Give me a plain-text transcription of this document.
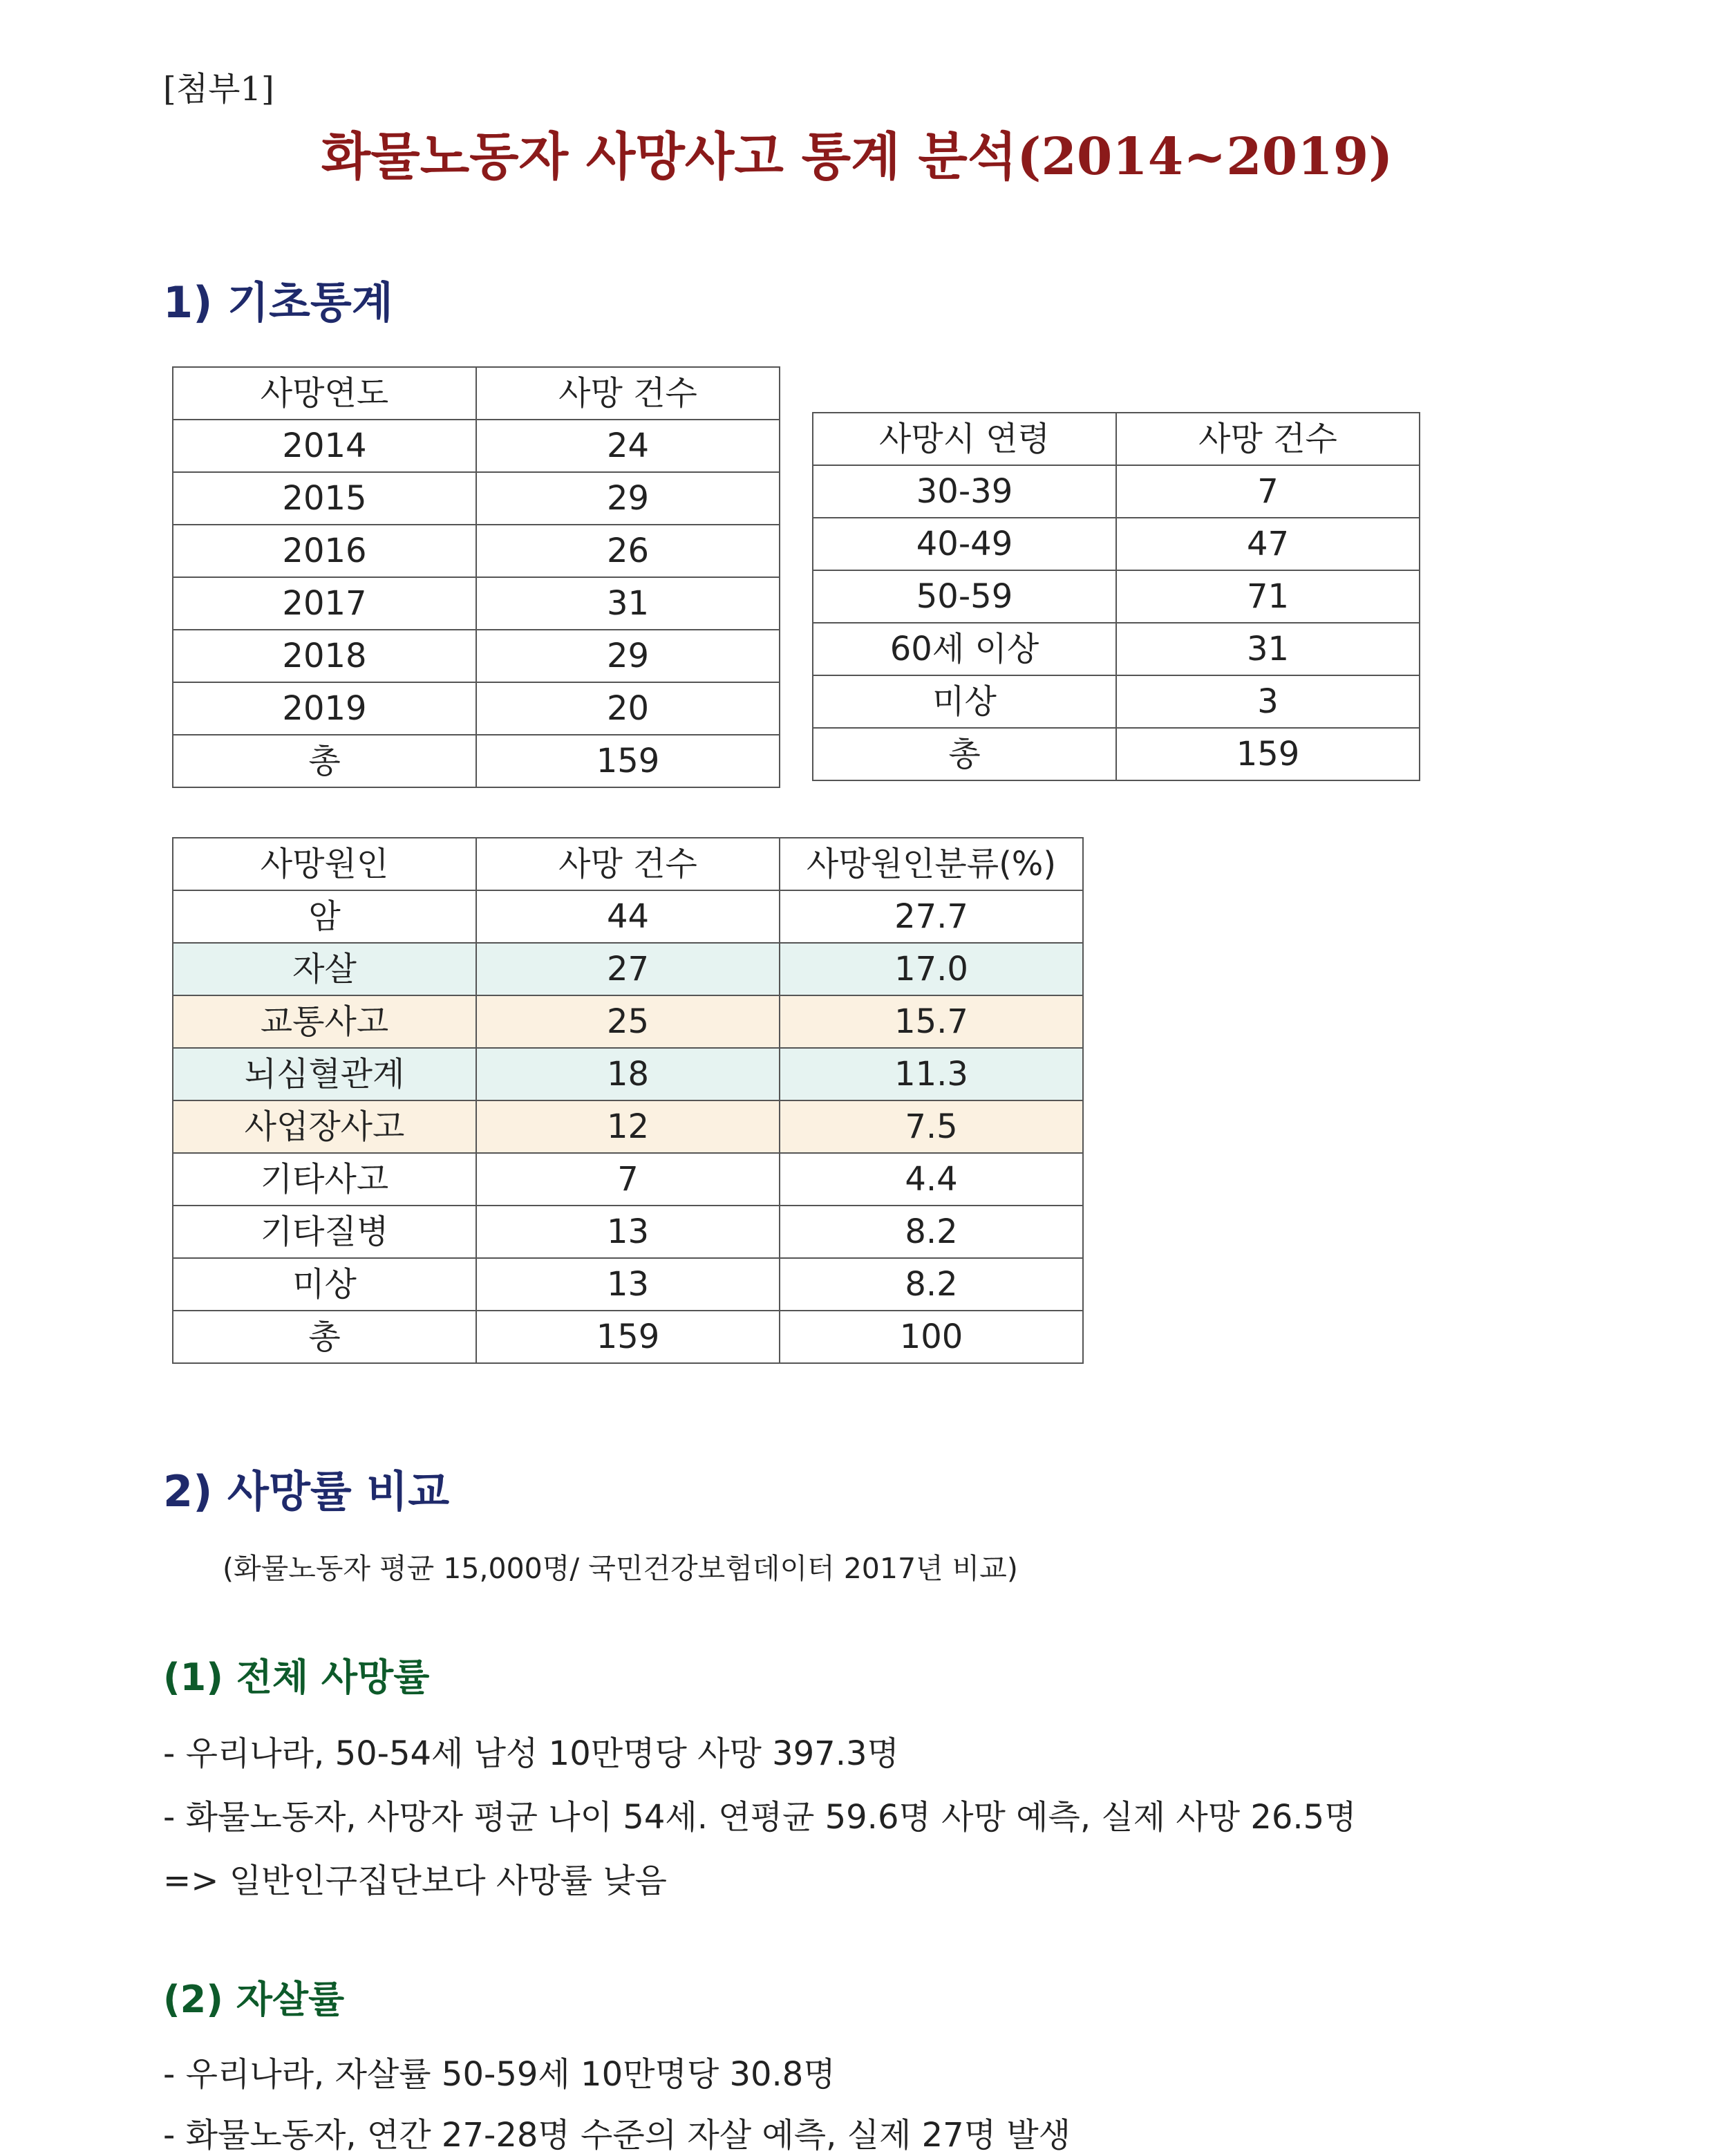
[첨부1]
화물노동자 사망사고 통계 분석(2014~2019)
1) 기초통계
사망연도	사망 건수
2014	24
2015	29
2016	26
2017	31
2018	29
2019	20
총	159
사망시 연령	사망 건수
30-39	7
40-49	47
50-59	71
60세 이상	31
미상	3
총	159
사망원인	사망 건수	사망원인분류(%)
암	44	27.7
자살	27	17.0
교통사고	25	15.7
뇌심혈관계	18	11.3
사업장사고	12	7.5
기타사고	7	4.4
기타질병	13	8.2
미상	13	8.2
총	159	100
2) 사망률 비교
(화물노동자 평균 15,000명/ 국민건강보험데이터 2017년 비교)
(1) 전체 사망률
- 우리나라, 50-54세 남성 10만명당 사망 397.3명
- 화물노동자, 사망자 평균 나이 54세. 연평균 59.6명 사망 예측, 실제 사망 26.5명
=> 일반인구집단보다 사망률 낮음
(2) 자살률
- 우리나라, 자살률 50-59세 10만명당 30.8명
- 화물노동자, 연간 27-28명 수준의 자살 예측, 실제 27명 발생
